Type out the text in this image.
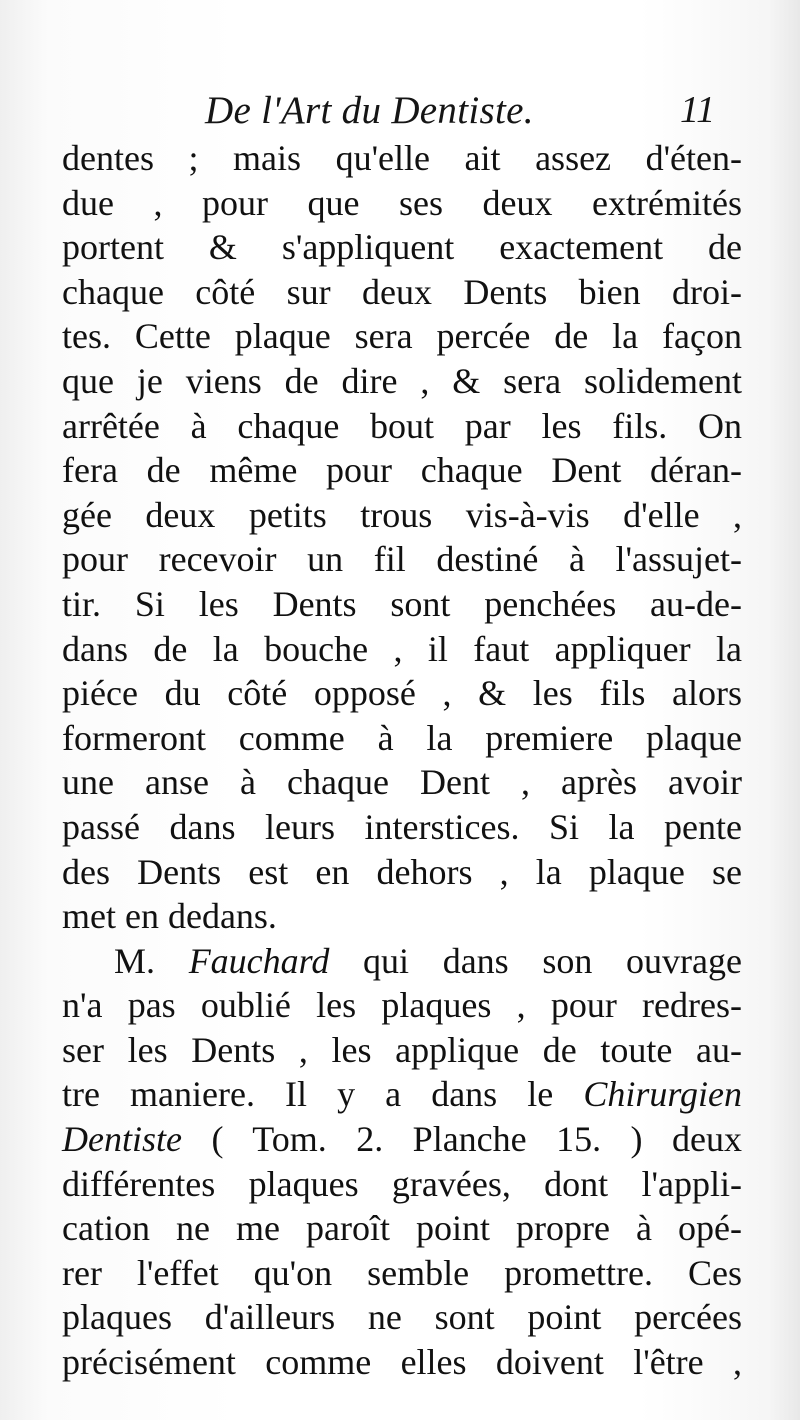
De l'Art du Dentiste.	11
dentes ; mais qu'elle ait assez d'éten-
due , pour que ses deux extrémités
portent & s'appliquent exactement de
chaque côté sur deux Dents bien droi-
tes. Cette plaque sera percée de la façon
que je viens de dire , & sera solidement
arrêtée à chaque bout par les fils. On
fera de même pour chaque Dent déran-
gée deux petits trous vis-à-vis d'elle ,
pour recevoir un fil destiné à l'assujet-
tir. Si les Dents sont penchées au-de-
dans de la bouche , il faut appliquer la
piéce du côté opposé , & les fils alors
formeront comme à la premiere plaque
une anse à chaque Dent , après avoir
passé dans leurs interstices. Si la pente
des Dents est en dehors , la plaque se
met en dedans.
M. Fauchard qui dans son ouvrage
n'a pas oublié les plaques , pour redres-
ser les Dents , les applique de toute au-
tre maniere. Il y a dans le Chirurgien
Dentiste ( Tom. 2. Planche 15. ) deux
différentes plaques gravées, dont l'appli-
cation ne me paroît point propre à opé-
rer l'effet qu'on semble promettre. Ces
plaques d'ailleurs ne sont point percées
précisément comme elles doivent l'être ,
